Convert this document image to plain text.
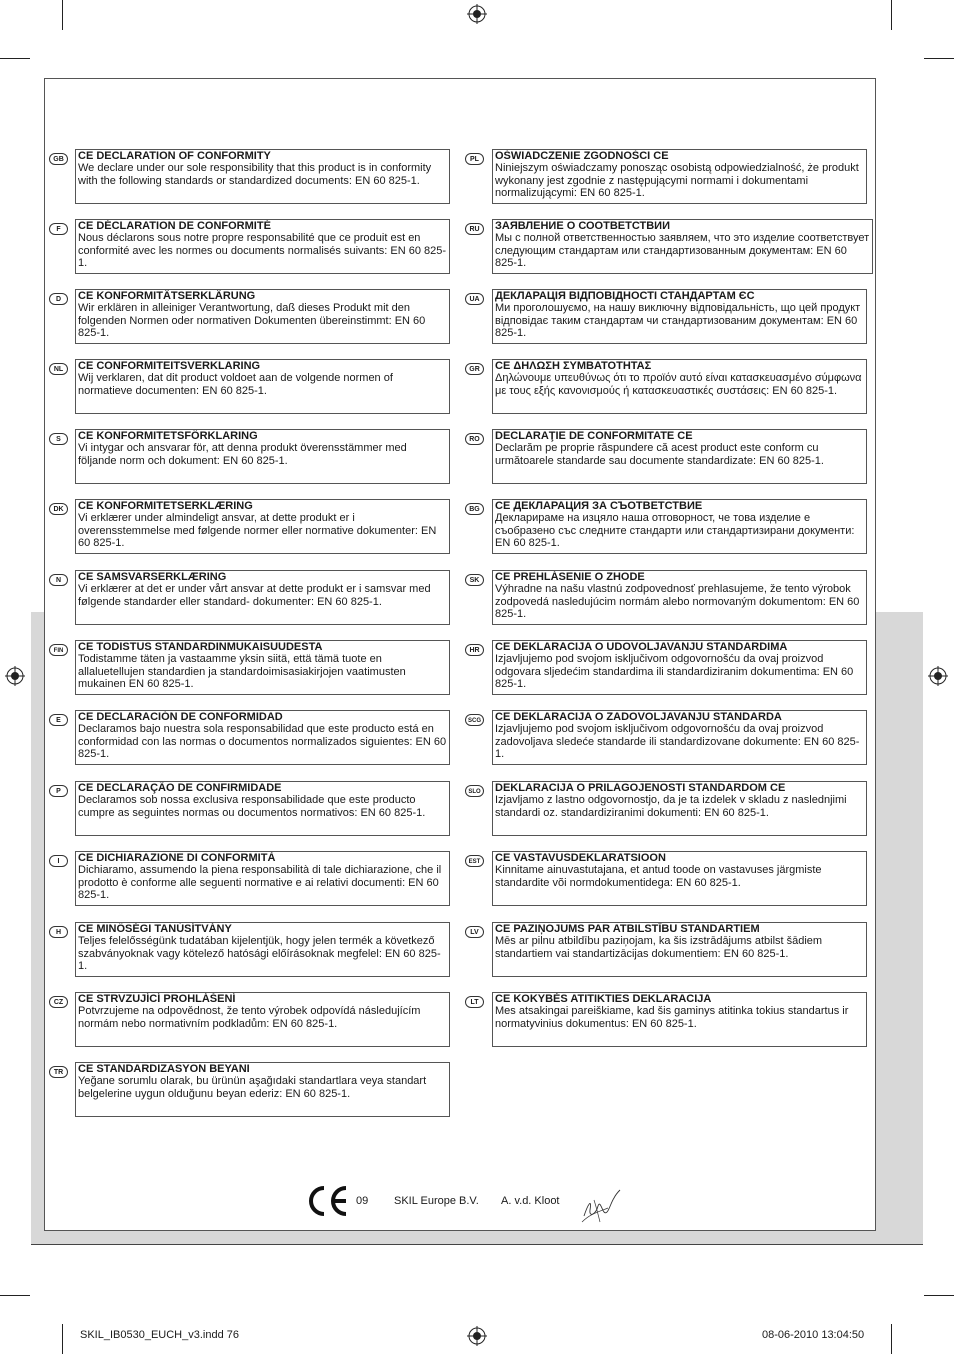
09 SKIL Europe B.V. A. v.d. Kloot
SKIL_IB0530_EUCH_v3.indd 76	08-06-2010 13:04:50
GB	CE DECLARATION OF CONFORMITY
We declare under our sole responsibility that this product is in conformity with the following standards or standardized documents: EN 60 825-1.
F	CE DÉCLARATION DE CONFORMITÉ
Nous déclarons sous notre propre responsabilité que ce produit est en conformité avec les normes ou documents normalisés suivants: EN 60 825-1.
D	CE KONFORMITÄTSERKLÄRUNG
Wir erklären in alleiniger Verantwortung, daß dieses Produkt mit den folgenden Normen oder normativen Dokumenten übereinstimmt: EN 60 825-1.
NL	CE CONFORMITEITSVERKLARING
Wij verklaren, dat dit product voldoet aan de volgende normen of normatieve documenten: EN 60 825-1.
S	CE KONFORMITETSFÖRKLARING
Vi intygar och ansvarar för, att denna produkt överensstämmer med följande norm och dokument: EN 60 825-1.
DK	CE KONFORMITETSERKLÆRING
Vi erklærer under almindeligt ansvar, at dette produkt er i overensstemmelse med følgende normer eller normative dokumenter: EN 60 825-1.
N	CE SAMSVARSERKLÆRING
Vi erklærer at det er under vårt ansvar at dette produkt er i samsvar med følgende standarder eller standard- dokumenter: EN 60 825-1.
FIN	CE TODISTUS STANDARDINMUKAISUUDESTA
Todistamme täten ja vastaamme yksin siitä, että tämä tuote en allaluetellujen standardien ja standardoimisasiakirjojen vaatimusten mukainen EN 60 825-1.
E	CE DECLARACIÓN DE CONFORMIDAD
Declaramos bajo nuestra sola responsabilidad que este producto está en conformidad con las normas o documentos normalizados siguientes: EN 60 825-1.
P	CE DECLARAÇÃO DE CONFIRMIDADE
Declaramos sob nossa exclusiva responsabilidade que este producto cumpre as seguintes normas ou documentos normativos: EN 60 825-1.
I	CE DICHIARAZIONE DI CONFORMITÀ
Dichiaramo, assumendo la piena responsabilità di tale dichiarazione, che il prodotto è conforme alle seguenti normative e ai relativi documenti: EN 60 825-1.
H	CE MINŐSÉGI TANÚSÍTVÁNY
Teljes felelősségünk tudatában kijelentjük, hogy jelen termék a következő szabványoknak vagy kötelező hatósági előírásoknak megfelel: EN 60 825-1.
CZ	CE STRVZUJÍCÍ PROHLÁŠENÍ
Potvrzujeme na odpovědnost, že tento výrobek odpovídá následujícím normám nebo normativním podkladům: EN 60 825-1.
TR	CE STANDARDIZASYON BEYANI
Yeğane sorumlu olarak, bu ürünün aşağıdaki standartlara veya standart belgelerine uygun olduğunu beyan ederiz: EN 60 825-1.
PL	OŚWIADCZENIE ZGODNOŚCI CE
Niniejszym oświadczamy ponosząc osobistą odpowiedzialność, że produkt wykonany jest zgodnie z następującymi normami i dokumentami normalizującymi: EN 60 825-1.
RU	ЗАЯВЛЕНИЕ О СООТВЕТСТВИИ
Мы с полной ответственностью заявляем, что это изделие соответствует следующим стандартам или стандартизованным документам: EN 60 825-1.
UA	ДЕКЛАРАЦІЯ ВІДПОВІДНОСТІ СТАНДАРТАМ ЄС
Ми проголошуємо, на нашу виключну відповідальність, що цей продукт відповідає таким стандартам чи стандартизованим документам: EN 60 825-1.
GR	CE ΔΗΛΩΣΗ ΣΥΜΒΑΤΟΤΗΤΑΣ
Δηλώνουμε υπευθύνως ότι το προϊόν αυτό είναι κατασκευασμένο σύμφωνα με τους εξής κανονισμούς ή κατασκευαστικές συστάσεις: EN 60 825-1.
RO	DECLARAŢIE DE CONFORMITATE CE
Declarăm pe proprie răspundere că acest product este conform cu următoarele standarde sau documente standardizate: EN 60 825-1.
BG	CE ДЕКЛАРАЦИЯ ЗА СЪОТВЕТСТВИЕ
Декларираме на изцяло наша отговорност, че това изделие е съобразено със следните стандарти или стандартизирани документи: EN 60 825-1.
SK	CE PREHLÁSENIE O ZHODE
Výhradne na našu vlastnú zodpovednosť prehlasujeme, že tento výrobok zodpovedá nasledujúcim normám alebo normovaným dokumentom: EN 60 825-1.
HR	CE DEKLARACIJA O UDOVOLJAVANJU STANDARDIMA
Izjavljujemo pod svojom isključivom odgovornošću da ovaj proizvod odgovara sljedećim standardima ili standardiziranim dokumentima: EN 60 825-1.
SCG CE DEKLARACIJA O ZADOVOLJAVANJU STANDARDA
Izjavljujemo pod svojom isključivom odgovornošću da ovaj proizvod zadovoljava sledeće standarde ili standardizovane dokumente: EN 60 825-1.
SLO	DEKLARACIJA O PRILAGOJENOSTI STANDARDOM CE
Izjavljamo z lastno odgovornostjo, da je ta izdelek v skladu z naslednjimi standardi oz. standardiziranimi dokumenti: EN 60 825-1.
EST	CE VASTAVUSDEKLARATSIOON
Kinnitame ainuvastutajana, et antud toode on vastavuses järgmiste standardite või normdokumentidega: EN 60 825-1.
LV	CE PAZIŅOJUMS PAR ATBILSTĪBU STANDARTIEM
Mēs ar pilnu atbildību paziņojam, ka šis izstrādājums atbilst šādiem standartiem vai standartizācijas dokumentiem: EN 60 825-1.
LT	CE KOKYBĖS ATITIKTIES DEKLARACIJA
Mes atsakingai pareiškiame, kad šis gaminys atitinka tokius standartus ir normatyvinius dokumentus: EN 60 825-1.
